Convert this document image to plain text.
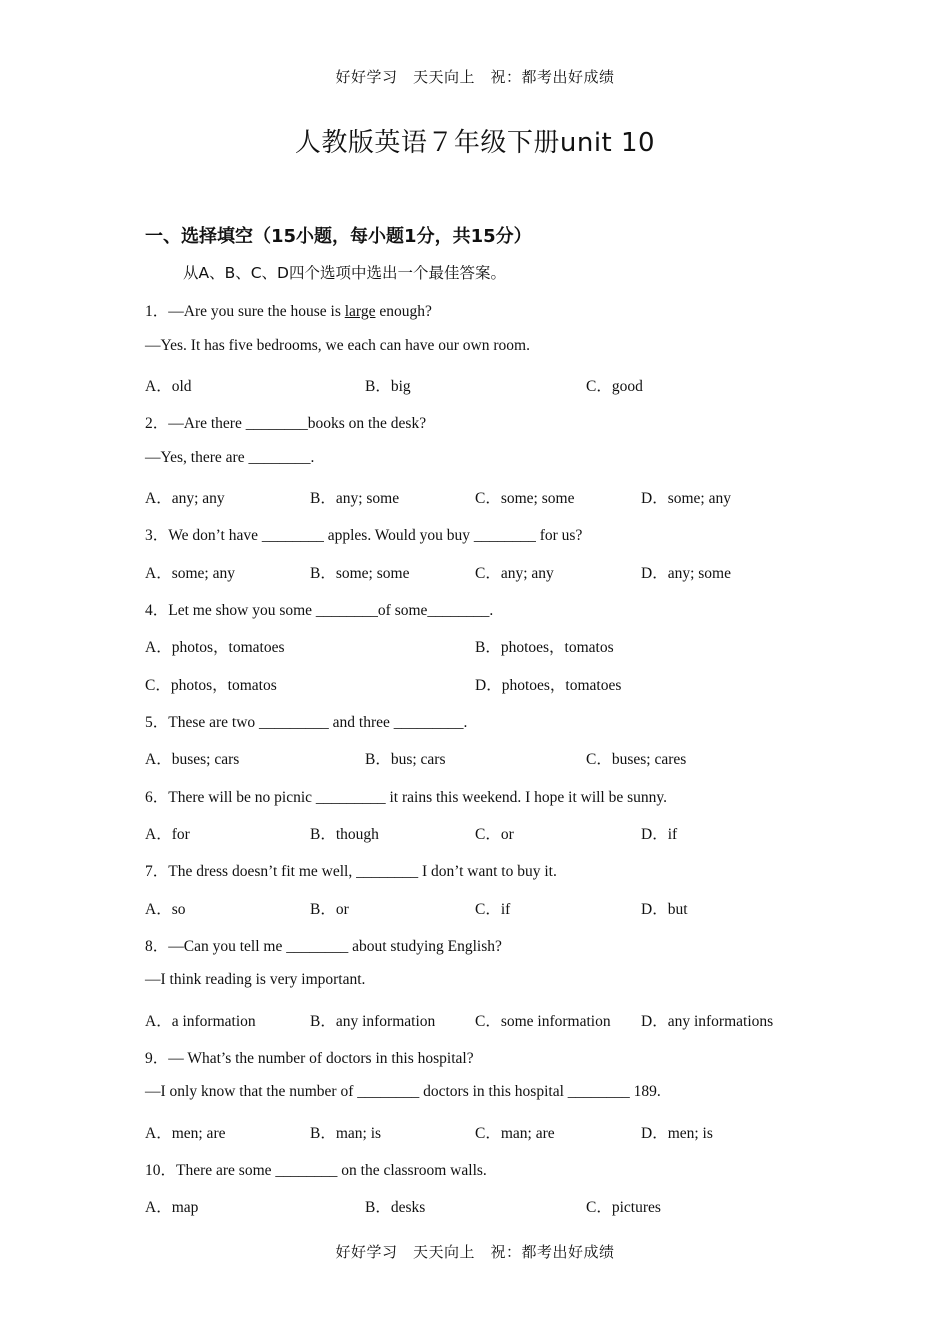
好好学习　天天向上　祝：都考出好成绩
人教版英语７年级下册unit 10
一、选择填空（15小题，每小题1分，共15分）
从A、B、C、D四个选项中选出一个最佳答案。
1．—Are you sure the house is large enough?
—Yes. It has five bedrooms, we each can have our own room.
A．old	B．big	C．good
2．—Are there ________books on the desk?
—Yes, there are ________.
A．any; any	B．any; some	C．some; some	D．some; any
3．We don’t have ________ apples. Would you buy ________ for us?
A．some; any	B．some; some	C．any; any	D．any; some
4．Let me show you some ________of some________.
A．photos，tomatoes	B．photoes，tomatos
C．photos，tomatos	D．photoes，tomatoes
5．These are two _________ and three _________.
A．buses; cars	B．bus; cars	C．buses; cares
6．There will be no picnic _________ it rains this weekend. I hope it will be sunny.
A．for	B．though	C．or	D．if
7．The dress doesn’t fit me well, ________ I don’t want to buy it.
A．so	B．or	C．if	D．but
8．—Can you tell me ________ about studying English?
—I think reading is very important.
A．a information	B．any information	C．some information D．any informations
9．— What’s the number of doctors in this hospital?
—I only know that the number of ________ doctors in this hospital ________ 189.
A．men; are	B．man; is	C．man; are	D．men; is
10．There are some ________ on the classroom walls.
A．map	B．desks	C．pictures
好好学习　天天向上　祝：都考出好成绩
